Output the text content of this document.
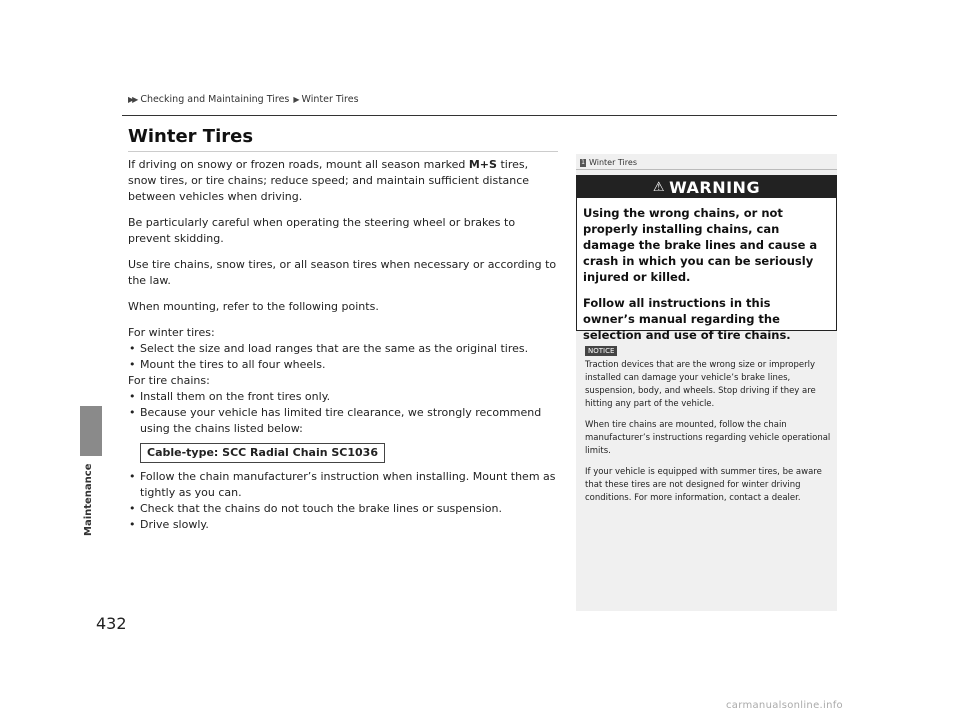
Maintenance
▶▶ Checking and Maintaining Tires ▶ Winter Tires
Winter Tires

If driving on snowy or frozen roads, mount all season marked M+S tires, snow tires, or tire chains; reduce speed; and maintain sufficient distance between vehicles when driving.

Be particularly careful when operating the steering wheel or brakes to prevent skidding.

Use tire chains, snow tires, or all season tires when necessary or according to the law.

When mounting, refer to the following points.

For winter tires:
• Select the size and load ranges that are the same as the original tires.
• Mount the tires to all four wheels.
For tire chains:
• Install them on the front tires only.
• Because your vehicle has limited tire clearance, we strongly recommend using the chains listed below:
Cable-type: SCC Radial Chain SC1036
• Follow the chain manufacturer’s instruction when installing. Mount them as tightly as you can.
• Check that the chains do not touch the brake lines or suspension.
• Drive slowly.
1 Winter Tires
⚠ WARNING

Using the wrong chains, or not properly installing chains, can damage the brake lines and cause a crash in which you can be seriously injured or killed.

Follow all instructions in this owner’s manual regarding the selection and use of tire chains.

NOTICE

Traction devices that are the wrong size or improperly installed can damage your vehicle’s brake lines, suspension, body, and wheels. Stop driving if they are hitting any part of the vehicle.

When tire chains are mounted, follow the chain manufacturer’s instructions regarding vehicle operational limits.

If your vehicle is equipped with summer tires, be aware that these tires are not designed for winter driving conditions. For more information, contact a dealer.

432
carmanualsonline.info
